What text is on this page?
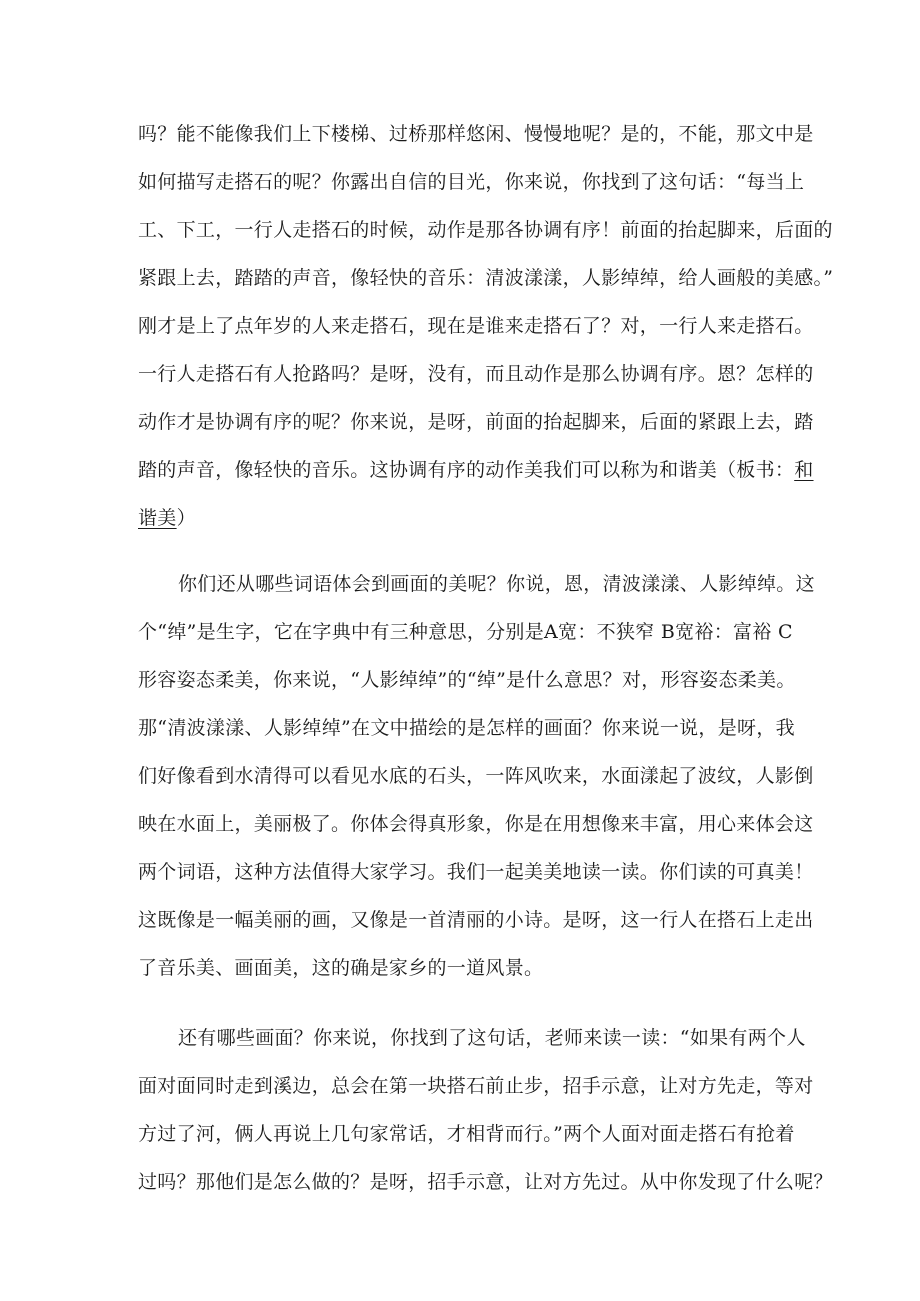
吗？能不能像我们上下楼梯、过桥那样悠闲、慢慢地呢？是的，不能，那文中是
如何描写走搭石的呢？你露出自信的目光，你来说，你找到了这句话：“每当上
工、下工，一行人走搭石的时候，动作是那各协调有序！前面的抬起脚来，后面的
紧跟上去，踏踏的声音，像轻快的音乐：清波漾漾，人影绰绰，给人画般的美感。”
刚才是上了点年岁的人来走搭石，现在是谁来走搭石了？对，一行人来走搭石。
一行人走搭石有人抢路吗？是呀，没有，而且动作是那么协调有序。恩？怎样的
动作才是协调有序的呢？你来说，是呀，前面的抬起脚来，后面的紧跟上去，踏
踏的声音，像轻快的音乐。这协调有序的动作美我们可以称为和谐美（板书：和
谐美）
你们还从哪些词语体会到画面的美呢？你说，恩，清波漾漾、人影绰绰。这
个“绰”是生字，它在字典中有三种意思，分别是A宽：不狭窄 B宽裕：富裕 C
形容姿态柔美，你来说，“人影绰绰”的“绰”是什么意思？对，形容姿态柔美。
那“清波漾漾、人影绰绰”在文中描绘的是怎样的画面？你来说一说，是呀，我
们好像看到水清得可以看见水底的石头，一阵风吹来，水面漾起了波纹，人影倒
映在水面上，美丽极了。你体会得真形象，你是在用想像来丰富，用心来体会这
两个词语，这种方法值得大家学习。我们一起美美地读一读。你们读的可真美！
这既像是一幅美丽的画，又像是一首清丽的小诗。是呀，这一行人在搭石上走出
了音乐美、画面美，这的确是家乡的一道风景。
还有哪些画面？你来说，你找到了这句话，老师来读一读：“如果有两个人
面对面同时走到溪边，总会在第一块搭石前止步，招手示意，让对方先走，等对
方过了河，俩人再说上几句家常话，才相背而行。”两个人面对面走搭石有抢着
过吗？那他们是怎么做的？是呀，招手示意，让对方先过。从中你发现了什么呢？
